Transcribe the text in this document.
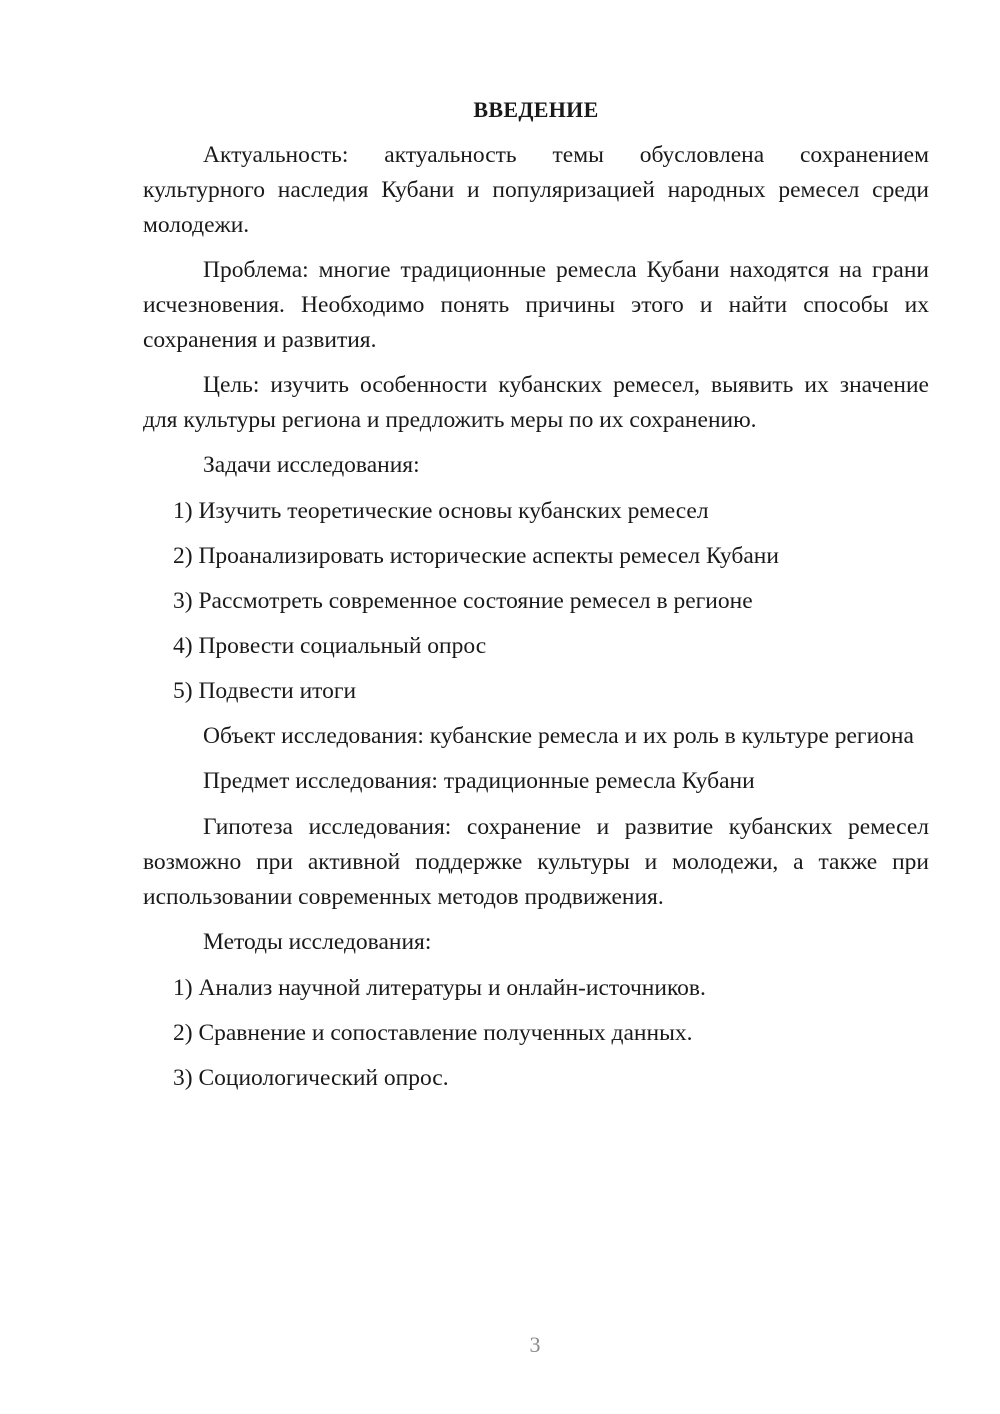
ВВЕДЕНИЕ

Актуальность: актуальность темы обусловлена сохранением культурного наследия Кубани и популяризацией народных ремесел среди молодежи.

Проблема: многие традиционные ремесла Кубани находятся на грани исчезновения. Необходимо понять причины этого и найти способы их сохранения и развития.

Цель: изучить особенности кубанских ремесел, выявить их значение для культуры региона и предложить меры по их сохранению.

Задачи исследования:

1) Изучить теоретические основы кубанских ремесел
2) Проанализировать исторические аспекты ремесел Кубани
3) Рассмотреть современное состояние ремесел в регионе
4) Провести социальный опрос
5) Подвести итоги

Объект исследования: кубанские ремесла и их роль в культуре региона

Предмет исследования: традиционные ремесла Кубани

Гипотеза исследования: сохранение и развитие кубанских ремесел возможно при активной поддержке культуры и молодежи, а также при использовании современных методов продвижения.

Методы исследования:

1) Анализ научной литературы и онлайн-источников.
2) Сравнение и сопоставление полученных данных.
3) Социологический опрос.
3
